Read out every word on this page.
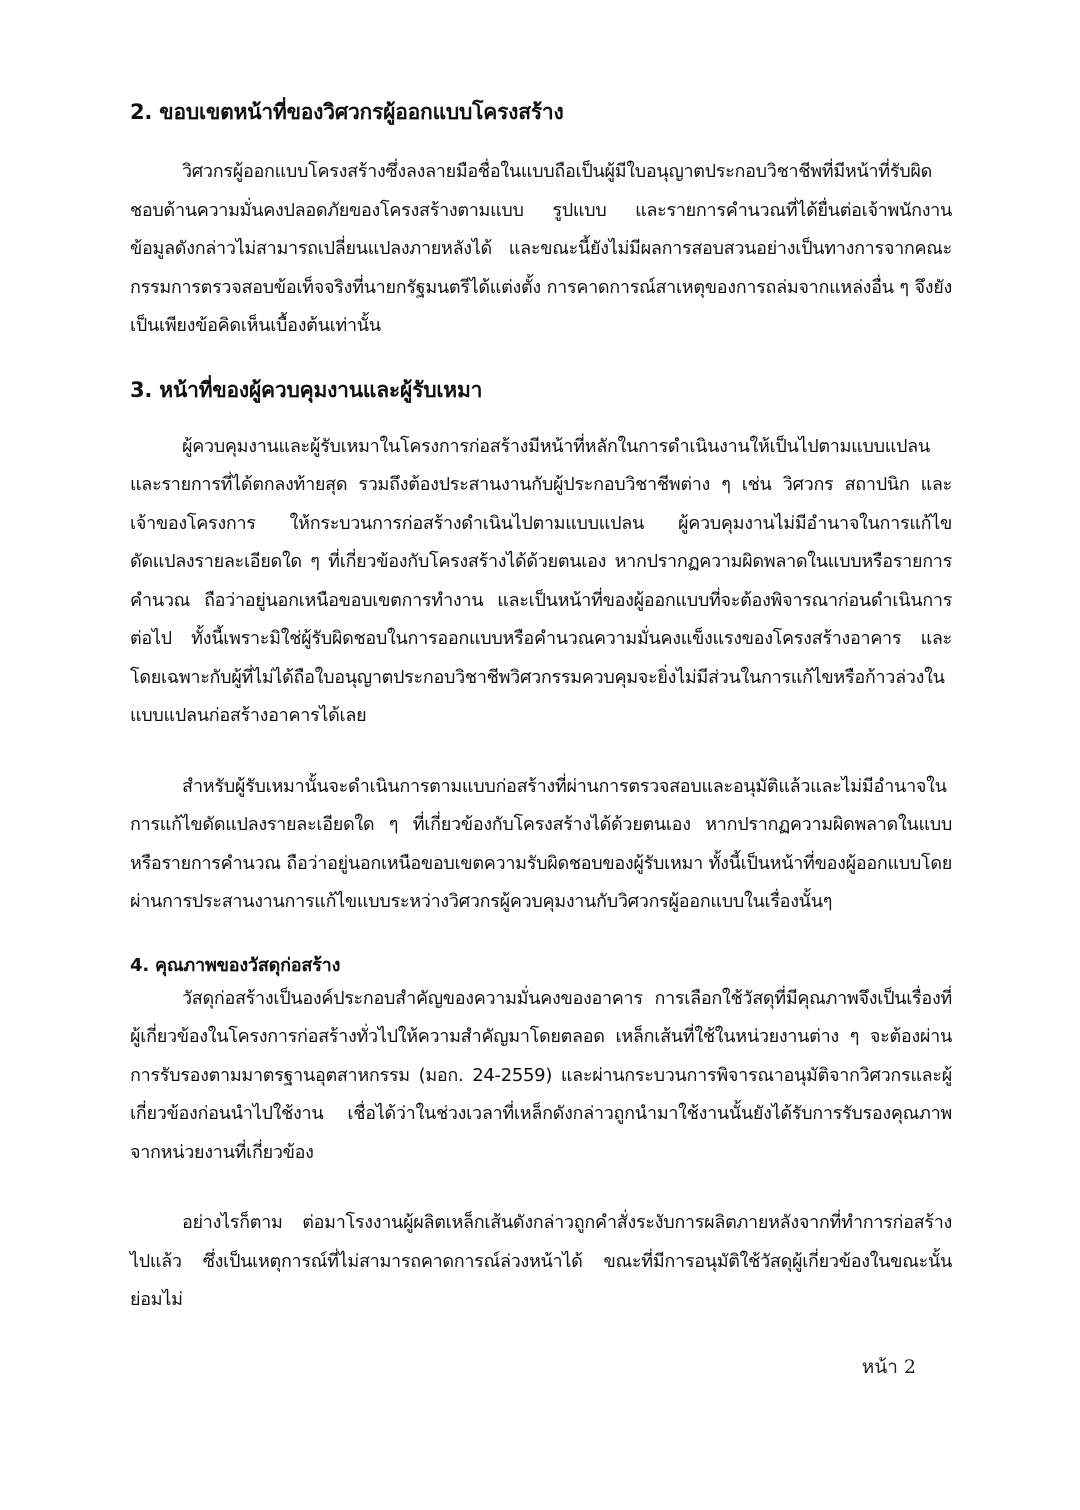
2. ขอบเขตหน้าที่ของวิศวกรผู้ออกแบบโครงสร้าง

วิศวกรผู้ออกแบบโครงสร้างซึ่งลงลายมือชื่อในแบบถือเป็นผู้มีใบอนุญาตประกอบวิชาชีพที่มีหน้าที่รับผิดชอบด้านความมั่นคงปลอดภัยของโครงสร้างตามแบบ รูปแบบ และรายการคำนวณที่ได้ยื่นต่อเจ้าพนักงาน ข้อมูลดังกล่าวไม่สามารถเปลี่ยนแปลงภายหลังได้ และขณะนี้ยังไม่มีผลการสอบสวนอย่างเป็นทางการจากคณะกรรมการตรวจสอบข้อเท็จจริงที่นายกรัฐมนตรีได้แต่งตั้ง การคาดการณ์สาเหตุของการถล่มจากแหล่งอื่น ๆ จึงยังเป็นเพียงข้อคิดเห็นเบื้องต้นเท่านั้น

3. หน้าที่ของผู้ควบคุมงานและผู้รับเหมา

ผู้ควบคุมงานและผู้รับเหมาในโครงการก่อสร้างมีหน้าที่หลักในการดำเนินงานให้เป็นไปตามแบบแปลนและรายการที่ได้ตกลงท้ายสุด รวมถึงต้องประสานงานกับผู้ประกอบวิชาชีพต่าง ๆ เช่น วิศวกร สถาปนิก และเจ้าของโครงการ ให้กระบวนการก่อสร้างดำเนินไปตามแบบแปลน ผู้ควบคุมงานไม่มีอำนาจในการแก้ไขดัดแปลงรายละเอียดใด ๆ ที่เกี่ยวข้องกับโครงสร้างได้ด้วยตนเอง หากปรากฏความผิดพลาดในแบบหรือรายการคำนวณ ถือว่าอยู่นอกเหนือขอบเขตการทำงาน และเป็นหน้าที่ของผู้ออกแบบที่จะต้องพิจารณาก่อนดำเนินการต่อไป ทั้งนี้เพราะมิใช่ผู้รับผิดชอบในการออกแบบหรือคำนวณความมั่นคงแข็งแรงของโครงสร้างอาคาร และโดยเฉพาะกับผู้ที่ไม่ได้ถือใบอนุญาตประกอบวิชาชีพวิศวกรรมควบคุมจะยิ่งไม่มีส่วนในการแก้ไขหรือก้าวล่วงในแบบแปลนก่อสร้างอาคารได้เลย

สำหรับผู้รับเหมานั้นจะดำเนินการตามแบบก่อสร้างที่ผ่านการตรวจสอบและอนุมัติแล้วและไม่มีอำนาจในการแก้ไขดัดแปลงรายละเอียดใด ๆ ที่เกี่ยวข้องกับโครงสร้างได้ด้วยตนเอง หากปรากฏความผิดพลาดในแบบหรือรายการคำนวณ ถือว่าอยู่นอกเหนือขอบเขตความรับผิดชอบของผู้รับเหมา ทั้งนี้เป็นหน้าที่ของผู้ออกแบบโดยผ่านการประสานงานการแก้ไขแบบระหว่างวิศวกรผู้ควบคุมงานกับวิศวกรผู้ออกแบบในเรื่องนั้นๆ

4. คุณภาพของวัสดุก่อสร้าง

วัสดุก่อสร้างเป็นองค์ประกอบสำคัญของความมั่นคงของอาคาร การเลือกใช้วัสดุที่มีคุณภาพจึงเป็นเรื่องที่ผู้เกี่ยวข้องในโครงการก่อสร้างทั่วไปให้ความสำคัญมาโดยตลอด เหล็กเส้นที่ใช้ในหน่วยงานต่าง ๆ จะต้องผ่านการรับรองตามมาตรฐานอุตสาหกรรม (มอก. 24-2559) และผ่านกระบวนการพิจารณาอนุมัติจากวิศวกรและผู้เกี่ยวข้องก่อนนำไปใช้งาน เชื่อได้ว่าในช่วงเวลาที่เหล็กดังกล่าวถูกนำมาใช้งานนั้นยังได้รับการรับรองคุณภาพจากหน่วยงานที่เกี่ยวข้อง

อย่างไรก็ตาม ต่อมาโรงงานผู้ผลิตเหล็กเส้นดังกล่าวถูกคำสั่งระงับการผลิตภายหลังจากที่ทำการก่อสร้างไปแล้ว ซึ่งเป็นเหตุการณ์ที่ไม่สามารถคาดการณ์ล่วงหน้าได้ ขณะที่มีการอนุมัติใช้วัสดุผู้เกี่ยวข้องในขณะนั้นย่อมไม่

หน้า 2
